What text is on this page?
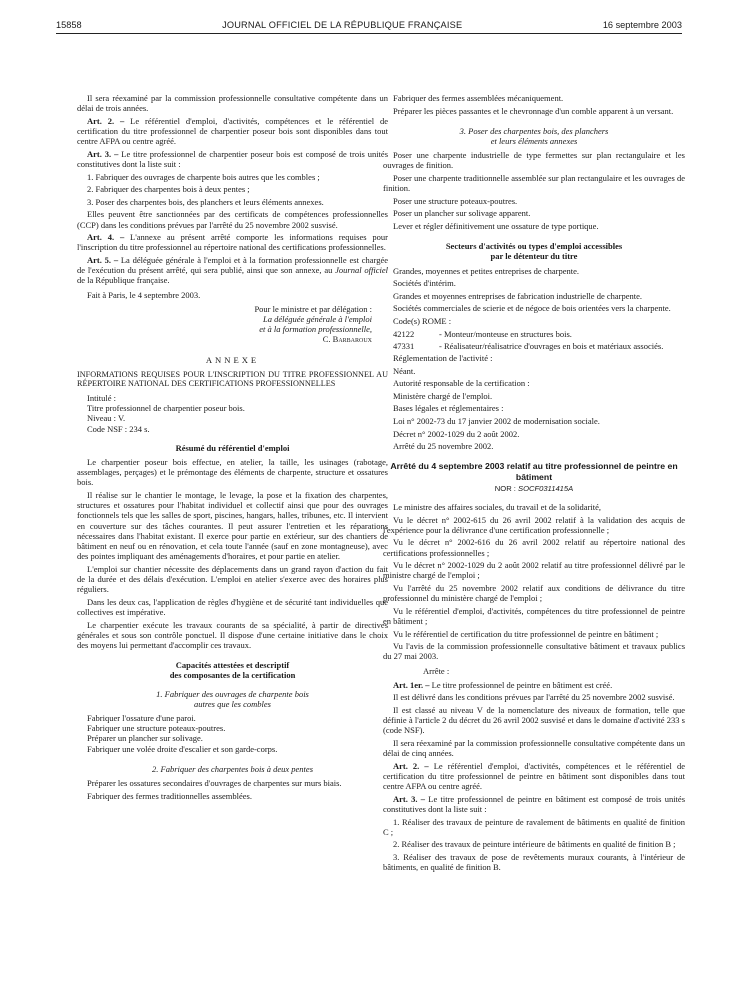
15858	JOURNAL OFFICIEL DE LA RÉPUBLIQUE FRANÇAISE	16 septembre 2003

Il sera réexaminé par la commission professionnelle consultative compétente dans un délai de trois années.

Art. 2. – Le référentiel d'emploi, d'activités, compétences et le référentiel de certification du titre professionnel de charpentier poseur bois sont disponibles dans tout centre AFPA ou centre agréé.

Art. 3. – Le titre professionnel de charpentier poseur bois est composé de trois unités constitutives dont la liste suit :

1. Fabriquer des ouvrages de charpente bois autres que les combles ;

2. Fabriquer des charpentes bois à deux pentes ;

3. Poser des charpentes bois, des planchers et leurs éléments annexes.

Elles peuvent être sanctionnées par des certificats de compétences professionnelles (CCP) dans les conditions prévues par l'arrêté du 25 novembre 2002 susvisé.

Art. 4. – L'annexe au présent arrêté comporte les informations requises pour l'inscription du titre professionnel au répertoire national des certifications professionnelles.

Art. 5. – La déléguée générale à l'emploi et à la formation professionnelle est chargée de l'exécution du présent arrêté, qui sera publié, ainsi que son annexe, au Journal officiel de la République française.

Fait à Paris, le 4 septembre 2003.

Pour le ministre et par délégation :
La déléguée générale à l'emploi
et à la formation professionnelle,
C. Barbaroux
ANNEXE
INFORMATIONS REQUISES POUR L'INSCRIPTION DU TITRE PROFESSIONNEL AU RÉPERTOIRE NATIONAL DES CERTIFICATIONS PROFESSIONNELLES
Intitulé :
Titre professionnel de charpentier poseur bois.
Niveau : V.
Code NSF : 234 s.

Résumé du référentiel d'emploi

Le charpentier poseur bois effectue, en atelier, la taille, les usinages (rabotage, assemblages, perçages) et le prémontage des éléments de charpente, structure et ossatures bois.

Il réalise sur le chantier le montage, le levage, la pose et la fixation des charpentes, structures et ossatures pour l'habitat individuel et collectif ainsi que pour des ouvrages fonctionnels tels que les salles de sport, piscines, hangars, halles, tribunes, etc. Il intervient en couverture sur des tâches courantes. Il peut assurer l'entretien et les réparations nécessaires dans l'habitat existant. Il exerce pour partie en extérieur, sur des chantiers de bâtiment en neuf ou en rénovation, et cela toute l'année (sauf en zone montagneuse), avec des pointes impliquant des aménagements d'horaires, et pour partie en atelier.

L'emploi sur chantier nécessite des déplacements dans un grand rayon d'action du fait de la durée et des délais d'exécution. L'emploi en atelier s'exerce avec des horaires plus réguliers.

Dans les deux cas, l'application de règles d'hygiène et de sécurité tant individuelles que collectives est impérative.

Le charpentier exécute les travaux courants de sa spécialité, à partir de directives générales et sous son contrôle ponctuel. Il dispose d'une certaine initiative dans le choix des moyens lui permettant d'accomplir ces travaux.

Capacités attestées et descriptif
des composantes de la certification
1. Fabriquer des ouvrages de charpente bois
autres que les combles

Fabriquer l'ossature d'une paroi.

Fabriquer une structure poteaux-poutres.

Préparer un plancher sur solivage.

Fabriquer une volée droite d'escalier et son garde-corps.

2. Fabriquer des charpentes bois à deux pentes

Préparer les ossatures secondaires d'ouvrages de charpentes sur murs biais.

Fabriquer des fermes traditionnelles assemblées.

Fabriquer des fermes assemblées mécaniquement.

Préparer les pièces passantes et le chevronnage d'un comble apparent à un versant.

3. Poser des charpentes bois, des planchers
et leurs éléments annexes

Poser une charpente industrielle de type fermettes sur plan rectangulaire et les ouvrages de finition.

Poser une charpente traditionnelle assemblée sur plan rectangulaire et les ouvrages de finition.

Poser une structure poteaux-poutres.

Poser un plancher sur solivage apparent.

Lever et régler définitivement une ossature de type portique.

Secteurs d'activités ou types d'emploi accessibles
par le détenteur du titre

Grandes, moyennes et petites entreprises de charpente.

Sociétés d'intérim.

Grandes et moyennes entreprises de fabrication industrielle de charpente.

Sociétés commerciales de scierie et de négoce de bois orientées vers la charpente.

Code(s) ROME :

42122	- Monteur/monteuse en structures bois.
47331	- Réalisateur/réalisatrice d'ouvrages en bois et matériaux associés.

Réglementation de l'activité :

Néant.

Autorité responsable de la certification :

Ministère chargé de l'emploi.

Bases légales et réglementaires :

Loi n° 2002-73 du 17 janvier 2002 de modernisation sociale.

Décret n° 2002-1029 du 2 août 2002.

Arrêté du 25 novembre 2002.

Arrêté du 4 septembre 2003 relatif au titre professionnel de peintre en bâtiment
NOR : SOCF0311415A

Le ministre des affaires sociales, du travail et de la solidarité,

Vu le décret n° 2002-615 du 26 avril 2002 relatif à la validation des acquis de l'expérience pour la délivrance d'une certification professionnelle ;

Vu le décret n° 2002-616 du 26 avril 2002 relatif au répertoire national des certifications professionnelles ;

Vu le décret n° 2002-1029 du 2 août 2002 relatif au titre professionnel délivré par le ministre chargé de l'emploi ;

Vu l'arrêté du 25 novembre 2002 relatif aux conditions de délivrance du titre professionnel du ministère chargé de l'emploi ;

Vu le référentiel d'emploi, d'activités, compétences du titre professionnel de peintre en bâtiment ;

Vu le référentiel de certification du titre professionnel de peintre en bâtiment ;

Vu l'avis de la commission professionnelle consultative bâtiment et travaux publics du 27 mai 2003.

Arrête :

Art. 1er. – Le titre professionnel de peintre en bâtiment est créé.

Il est délivré dans les conditions prévues par l'arrêté du 25 novembre 2002 susvisé.

Il est classé au niveau V de la nomenclature des niveaux de formation, telle que définie à l'article 2 du décret du 26 avril 2002 susvisé et dans le domaine d'activité 233 s (code NSF).

Il sera réexaminé par la commission professionnelle consultative compétente dans un délai de cinq années.

Art. 2. – Le référentiel d'emploi, d'activités, compétences et le référentiel de certification du titre professionnel de peintre en bâtiment sont disponibles dans tout centre AFPA ou centre agréé.

Art. 3. – Le titre professionnel de peintre en bâtiment est composé de trois unités constitutives dont la liste suit :

1. Réaliser des travaux de peinture de ravalement de bâtiments en qualité de finition C ;

2. Réaliser des travaux de peinture intérieure de bâtiments en qualité de finition B ;

3. Réaliser des travaux de pose de revêtements muraux courants, à l'intérieur de bâtiments, en qualité de finition B.
